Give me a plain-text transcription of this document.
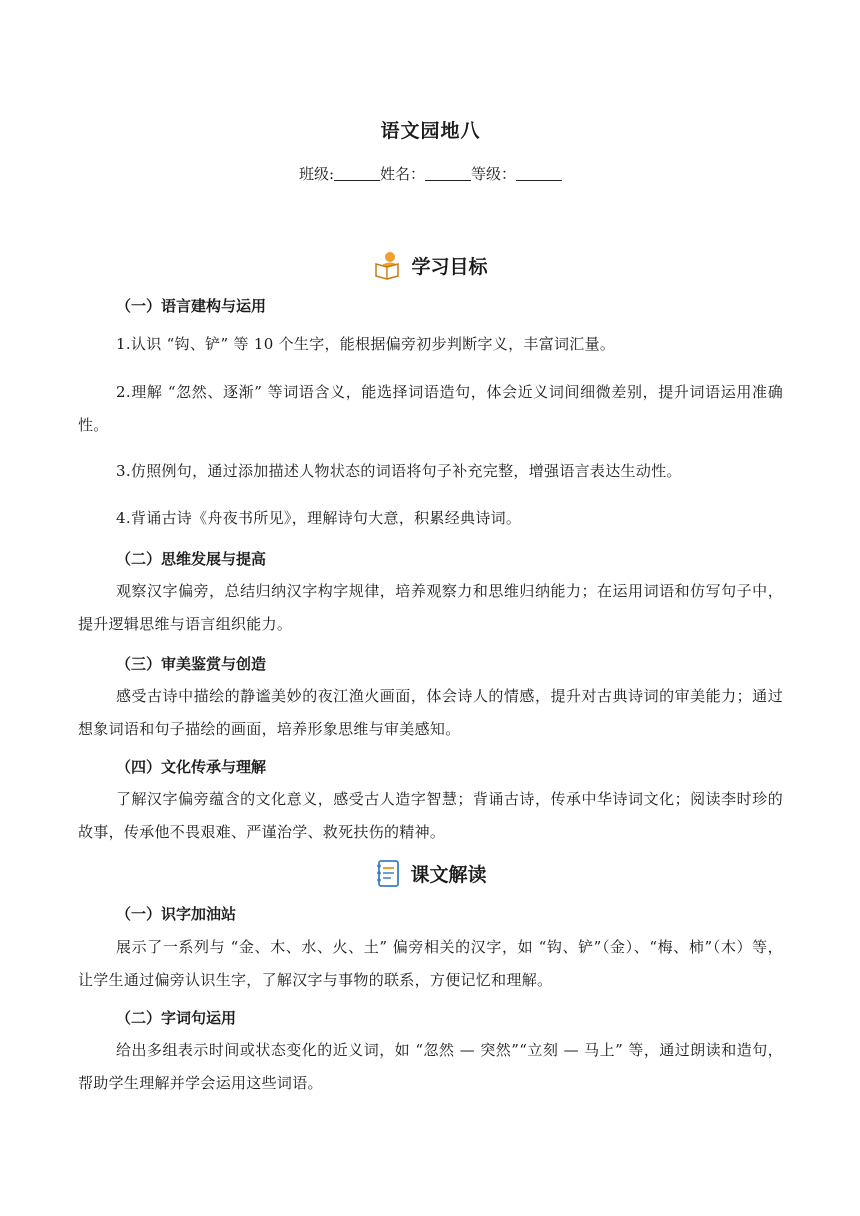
语文园地八
班级:	姓名：	等级：
学习目标
（一）语言建构与运用
1.认识 “钩、铲” 等 10 个生字，能根据偏旁初步判断字义，丰富词汇量。
2.理解 “忽然、逐渐” 等词语含义，能选择词语造句，体会近义词间细微差别，提升词语运用准确性。
3.仿照例句，通过添加描述人物状态的词语将句子补充完整，增强语言表达生动性。
4.背诵古诗《舟夜书所见》，理解诗句大意，积累经典诗词。
（二）思维发展与提高
观察汉字偏旁，总结归纳汉字构字规律，培养观察力和思维归纳能力；在运用词语和仿写句子中，提升逻辑思维与语言组织能力。
（三）审美鉴赏与创造
感受古诗中描绘的静谧美妙的夜江渔火画面，体会诗人的情感，提升对古典诗词的审美能力；通过想象词语和句子描绘的画面，培养形象思维与审美感知。
（四）文化传承与理解
了解汉字偏旁蕴含的文化意义，感受古人造字智慧；背诵古诗，传承中华诗词文化；阅读李时珍的故事，传承他不畏艰难、严谨治学、救死扶伤的精神。
课文解读
（一）识字加油站
展示了一系列与 “金、木、水、火、土” 偏旁相关的汉字，如 “钩、铲”（金）、“梅、柿”（木）等，让学生通过偏旁认识生字，了解汉字与事物的联系，方便记忆和理解。
（二）字词句运用
给出多组表示时间或状态变化的近义词，如 “忽然 — 突然”“立刻 — 马上” 等，通过朗读和造句，帮助学生理解并学会运用这些词语。
